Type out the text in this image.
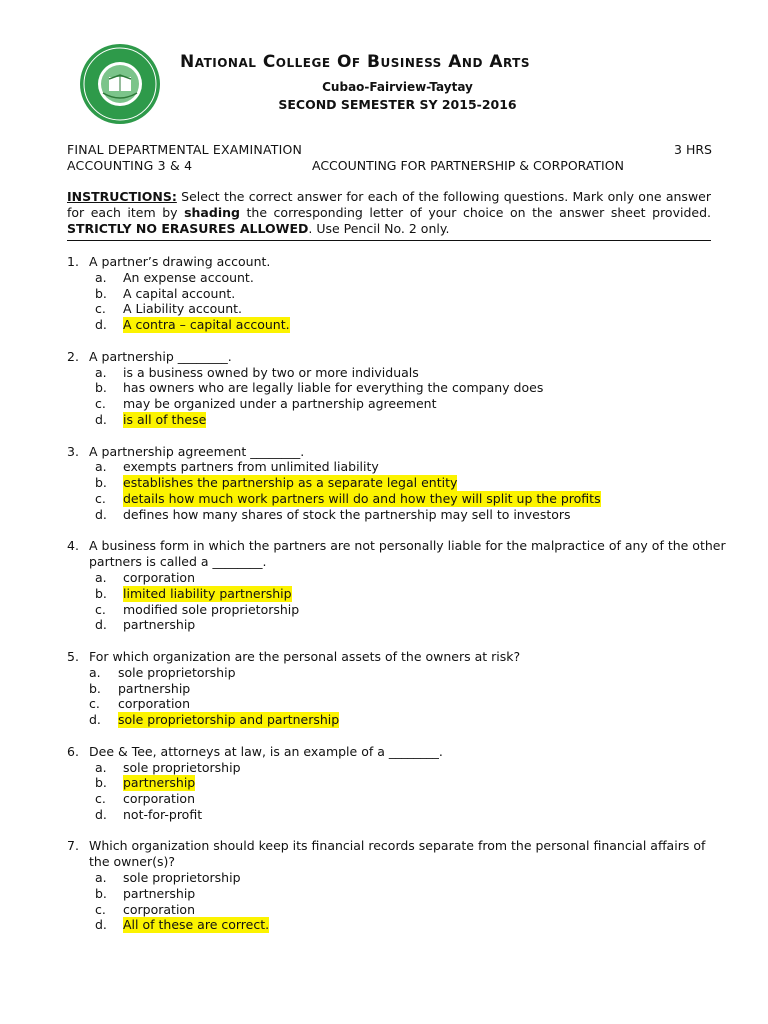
National College Of Business And Arts
Cubao-Fairview-Taytay
SECOND SEMESTER SY 2015-2016
FINAL DEPARTMENTAL EXAMINATION	3 HRS
ACCOUNTING 3 & 4	ACCOUNTING FOR PARTNERSHIP & CORPORATION
INSTRUCTIONS: Select the correct answer for each of the following questions. Mark only one answer for each item by shading the corresponding letter of your choice on the answer sheet provided. STRICTLY NO ERASURES ALLOWED. Use Pencil No. 2 only.
1. A partner’s drawing account.
a.	An expense account.
b.	A capital account.
c.	A Liability account.
d.	A contra – capital account.
2. A partnership ________.
a.	is a business owned by two or more individuals
b.	has owners who are legally liable for everything the company does
c.	may be organized under a partnership agreement
d.	is all of these
3. A partnership agreement ________.
a.	exempts partners from unlimited liability
b.	establishes the partnership as a separate legal entity
c.	details how much work partners will do and how they will split up the profits
d.	defines how many shares of stock the partnership may sell to investors
4. A business form in which the partners are not personally liable for the malpractice of any of the other partners is called a ________.
a.	corporation
b.	limited liability partnership
c.	modified sole proprietorship
d.	partnership
5. For which organization are the personal assets of the owners at risk?
a.	sole proprietorship
b.	partnership
c.	corporation
d.	sole proprietorship and partnership
6. Dee & Tee, attorneys at law, is an example of a ________.
a.	sole proprietorship
b.	partnership
c.	corporation
d.	not-for-profit
7. Which organization should keep its financial records separate from the personal financial affairs of the owner(s)?
a.	sole proprietorship
b.	partnership
c.	corporation
d.	All of these are correct.
